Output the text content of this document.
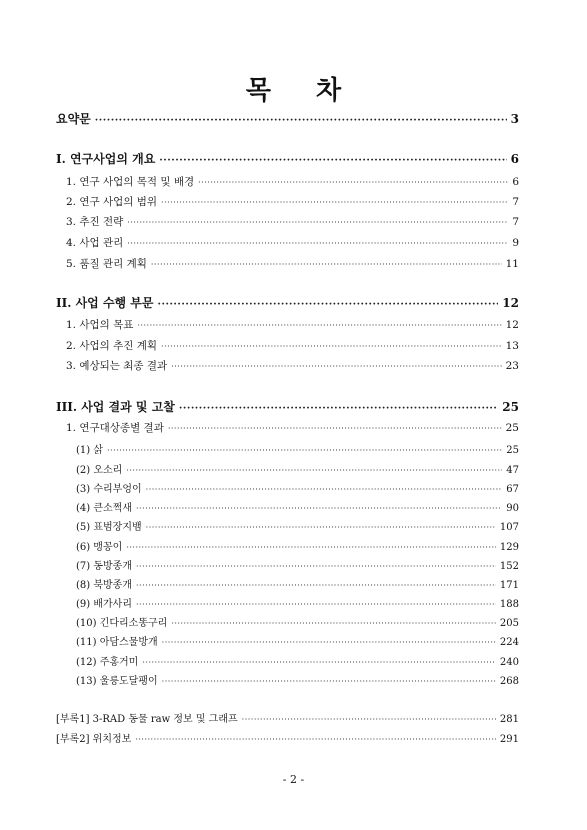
목 차
요약문 ·····	3
I. 연구사업의 개요 ·····	6
1. 연구 사업의 목적 및 배경 ·····	6
2. 연구 사업의 범위 ·····	7
3. 추진 전략 ·····	7
4. 사업 관리 ·····	9
5. 품질 관리 계획 ·····	11
II. 사업 수행 부문 ·····	12
1. 사업의 목표 ·····	12
2. 사업의 추진 계획 ·····	13
3. 예상되는 최종 결과 ·····	23
III. 사업 결과 및 고찰 ·····	25
1. 연구대상종별 결과 ·····	25
(1) 삵 ·····	25
(2) 오소리 ·····	47
(3) 수리부엉이 ·····	67
(4) 큰소쩍새 ·····	90
(5) 표범장지뱀 ·····	107
(6) 맹꽁이 ·····	129
(7) 동방종개 ·····	152
(8) 북방종개 ·····	171
(9) 배가사리 ·····	188
(10) 긴다리소똥구리 ·····	205
(11) 아담스물방개 ·····	224
(12) 주홍거미 ·····	240
(13) 울릉도달팽이 ·····	268
[부록1] 3-RAD 동물 raw 정보 및 그래프 ·····	281
[부록2] 위치정보 ·····	291
- 2 -
